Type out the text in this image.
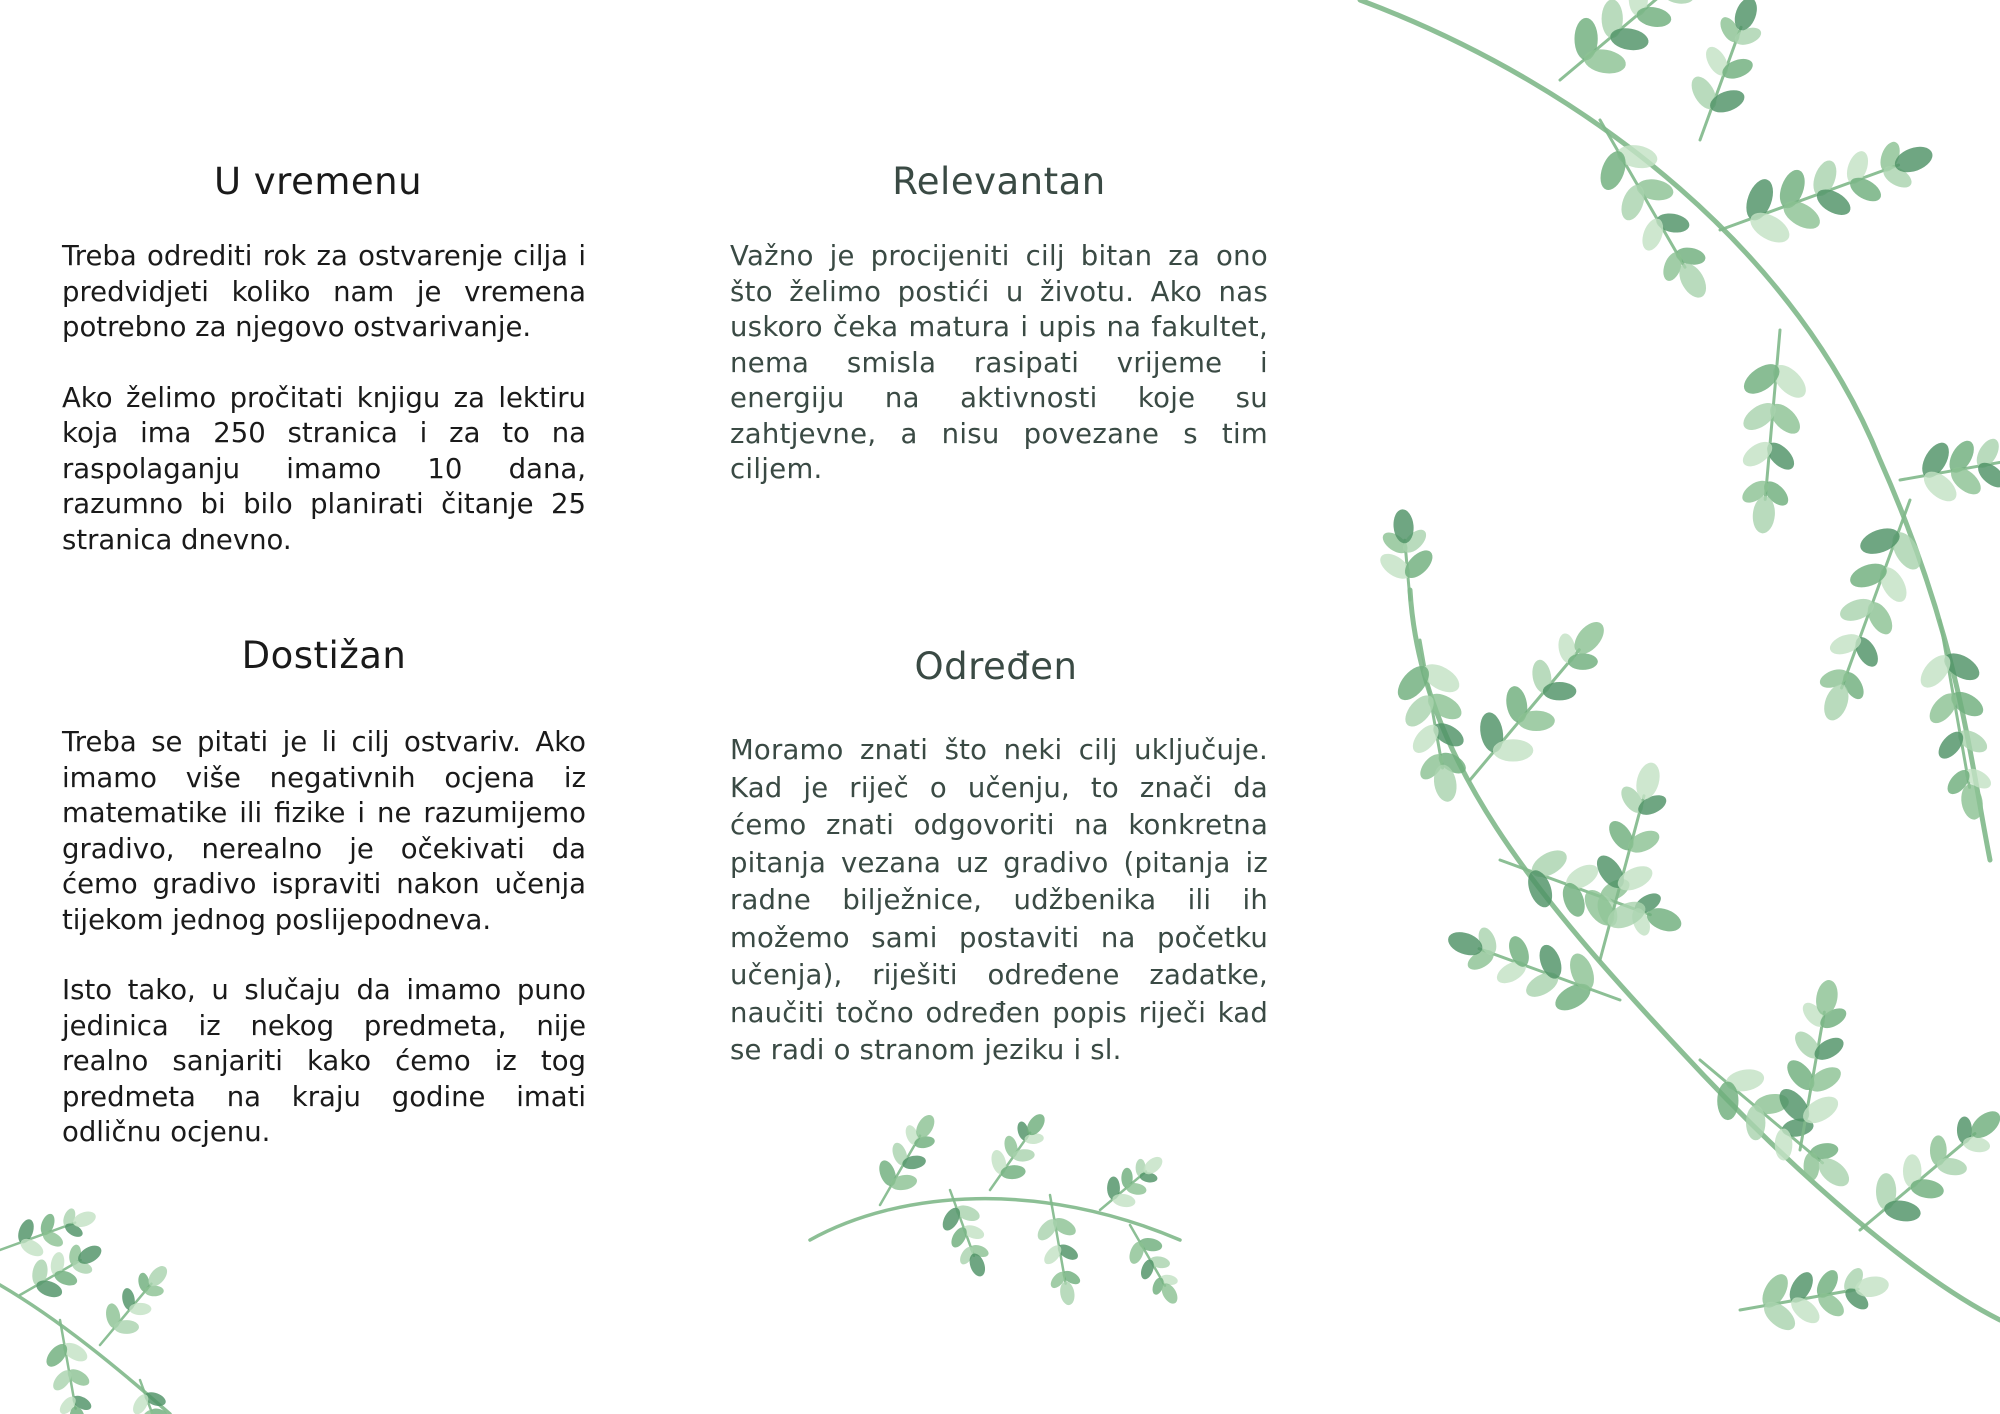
U vremenu

Treba odrediti rok za ostvarenje cilja i predvidjeti koliko nam je vremena potrebno za njegovo ostvarivanje.

Ako želimo pročitati knjigu za lektiru koja ima 250 stranica i za to na raspolaganju imamo 10 dana, razumno bi bilo planirati čitanje 25 stranica dnevno.

Relevantan

Važno je procijeniti cilj bitan za ono što želimo postići u životu. Ako nas uskoro čeka matura i upis na fakultet, nema smisla rasipati vrijeme i energiju na aktivnosti koje su zahtjevne, a nisu povezane s tim ciljem.

Dostižan

Treba se pitati je li cilj ostvariv. Ako imamo više negativnih ocjena iz matematike ili fizike i ne razumijemo gradivo, nerealno je očekivati da ćemo gradivo ispraviti nakon učenja tijekom jednog poslijepodneva.

Isto tako, u slučaju da imamo puno jedinica iz nekog predmeta, nije realno sanjariti kako ćemo iz tog predmeta na kraju godine imati odličnu ocjenu.

Određen

Moramo znati što neki cilj uključuje. Kad je riječ o učenju, to znači da ćemo znati odgovoriti na konkretna pitanja vezana uz gradivo (pitanja iz radne bilježnice, udžbenika ili ih možemo sami postaviti na početku učenja), riješiti određene zadatke, naučiti točno određen popis riječi kad se radi o stranom jeziku i sl.
